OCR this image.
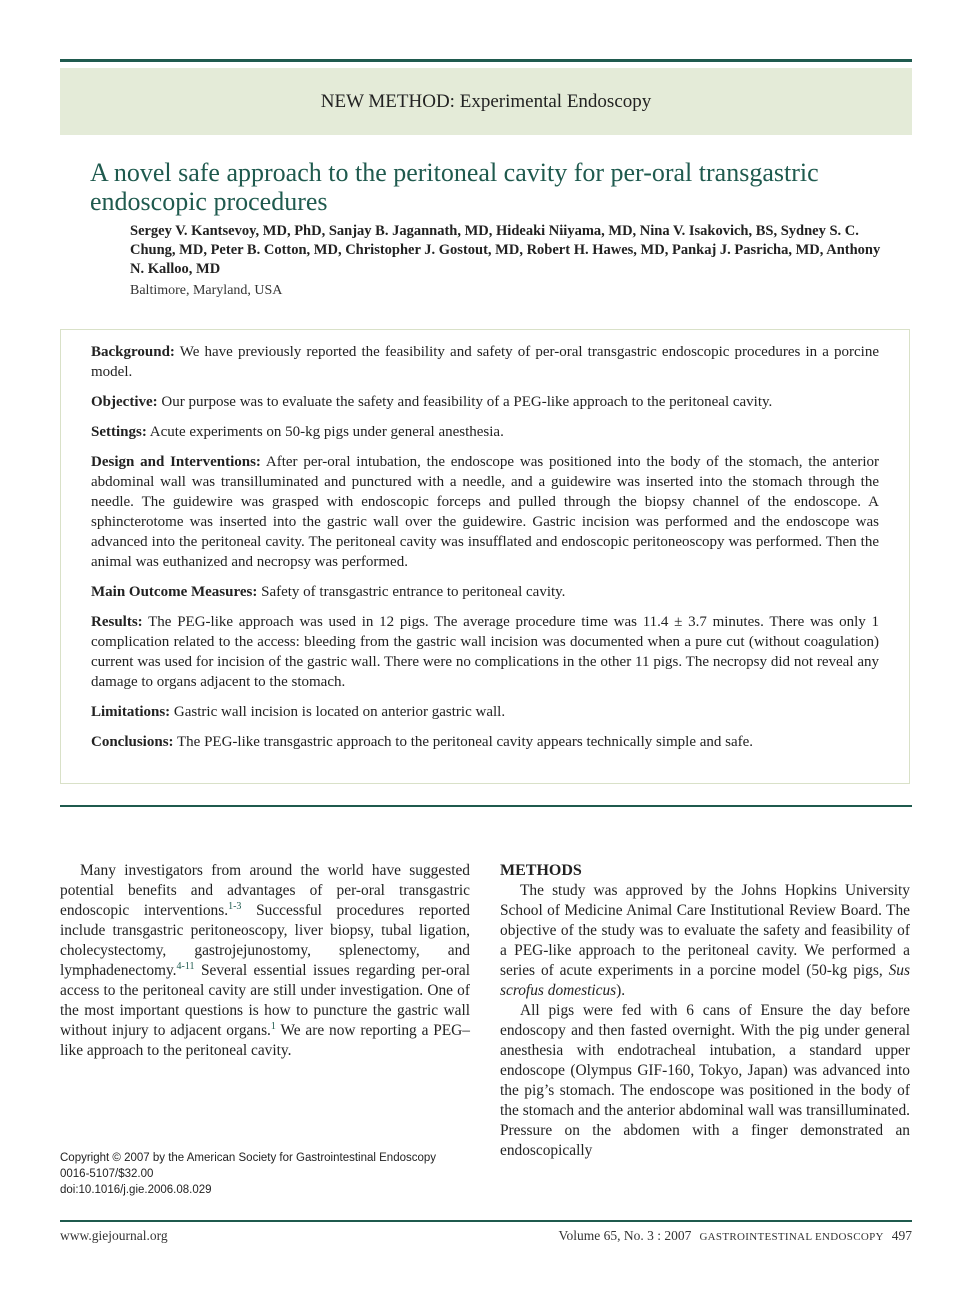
NEW METHOD: Experimental Endoscopy
A novel safe approach to the peritoneal cavity for per-oral transgastric endoscopic procedures
Sergey V. Kantsevoy, MD, PhD, Sanjay B. Jagannath, MD, Hideaki Niiyama, MD, Nina V. Isakovich, BS, Sydney S. C. Chung, MD, Peter B. Cotton, MD, Christopher J. Gostout, MD, Robert H. Hawes, MD, Pankaj J. Pasricha, MD, Anthony N. Kalloo, MD
Baltimore, Maryland, USA

Background: We have previously reported the feasibility and safety of per-oral transgastric endoscopic procedures in a porcine model.

Objective: Our purpose was to evaluate the safety and feasibility of a PEG-like approach to the peritoneal cavity.

Settings: Acute experiments on 50-kg pigs under general anesthesia.

Design and Interventions: After per-oral intubation, the endoscope was positioned into the body of the stomach, the anterior abdominal wall was transilluminated and punctured with a needle, and a guidewire was inserted into the stomach through the needle. The guidewire was grasped with endoscopic forceps and pulled through the biopsy channel of the endoscope. A sphincterotome was inserted into the gastric wall over the guidewire. Gastric incision was performed and the endoscope was advanced into the peritoneal cavity. The peritoneal cavity was insufflated and endoscopic peritoneoscopy was performed. Then the animal was euthanized and necropsy was performed.

Main Outcome Measures: Safety of transgastric entrance to peritoneal cavity.

Results: The PEG-like approach was used in 12 pigs. The average procedure time was 11.4 ± 3.7 minutes. There was only 1 complication related to the access: bleeding from the gastric wall incision was documented when a pure cut (without coagulation) current was used for incision of the gastric wall. There were no complications in the other 11 pigs. The necropsy did not reveal any damage to organs adjacent to the stomach.

Limitations: Gastric wall incision is located on anterior gastric wall.

Conclusions: The PEG-like transgastric approach to the peritoneal cavity appears technically simple and safe.

Many investigators from around the world have suggested potential benefits and advantages of per-oral transgastric endoscopic interventions.$^{1-3}$ Successful procedures reported include transgastric peritoneoscopy, liver biopsy, tubal ligation, cholecystectomy, gastrojejunostomy, splenectomy, and lymphadenectomy.$^{4-11}$ Several essential issues regarding per-oral access to the peritoneal cavity are still under investigation. One of the most important questions is how to puncture the gastric wall without injury to adjacent organs.$^1$ We are now reporting a PEG–like approach to the peritoneal cavity.

Copyright © 2007 by the American Society for Gastrointestinal Endoscopy
0016-5107/$32.00
doi:10.1016/j.gie.2006.08.029

METHODS

The study was approved by the Johns Hopkins University School of Medicine Animal Care Institutional Review Board. The objective of the study was to evaluate the safety and feasibility of a PEG-like approach to the peritoneal cavity. We performed a series of acute experiments in a porcine model (50-kg pigs, Sus scrofus domesticus).

All pigs were fed with 6 cans of Ensure the day before endoscopy and then fasted overnight. With the pig under general anesthesia with endotracheal intubation, a standard upper endoscope (Olympus GIF-160, Tokyo, Japan) was advanced into the pig’s stomach. The endoscope was positioned in the body of the stomach and the anterior abdominal wall was transilluminated. Pressure on the abdomen with a finger demonstrated an endoscopically

www.giejournal.org	Volume 65, No. 3 : 2007 GASTROINTESTINAL ENDOSCOPY 497
